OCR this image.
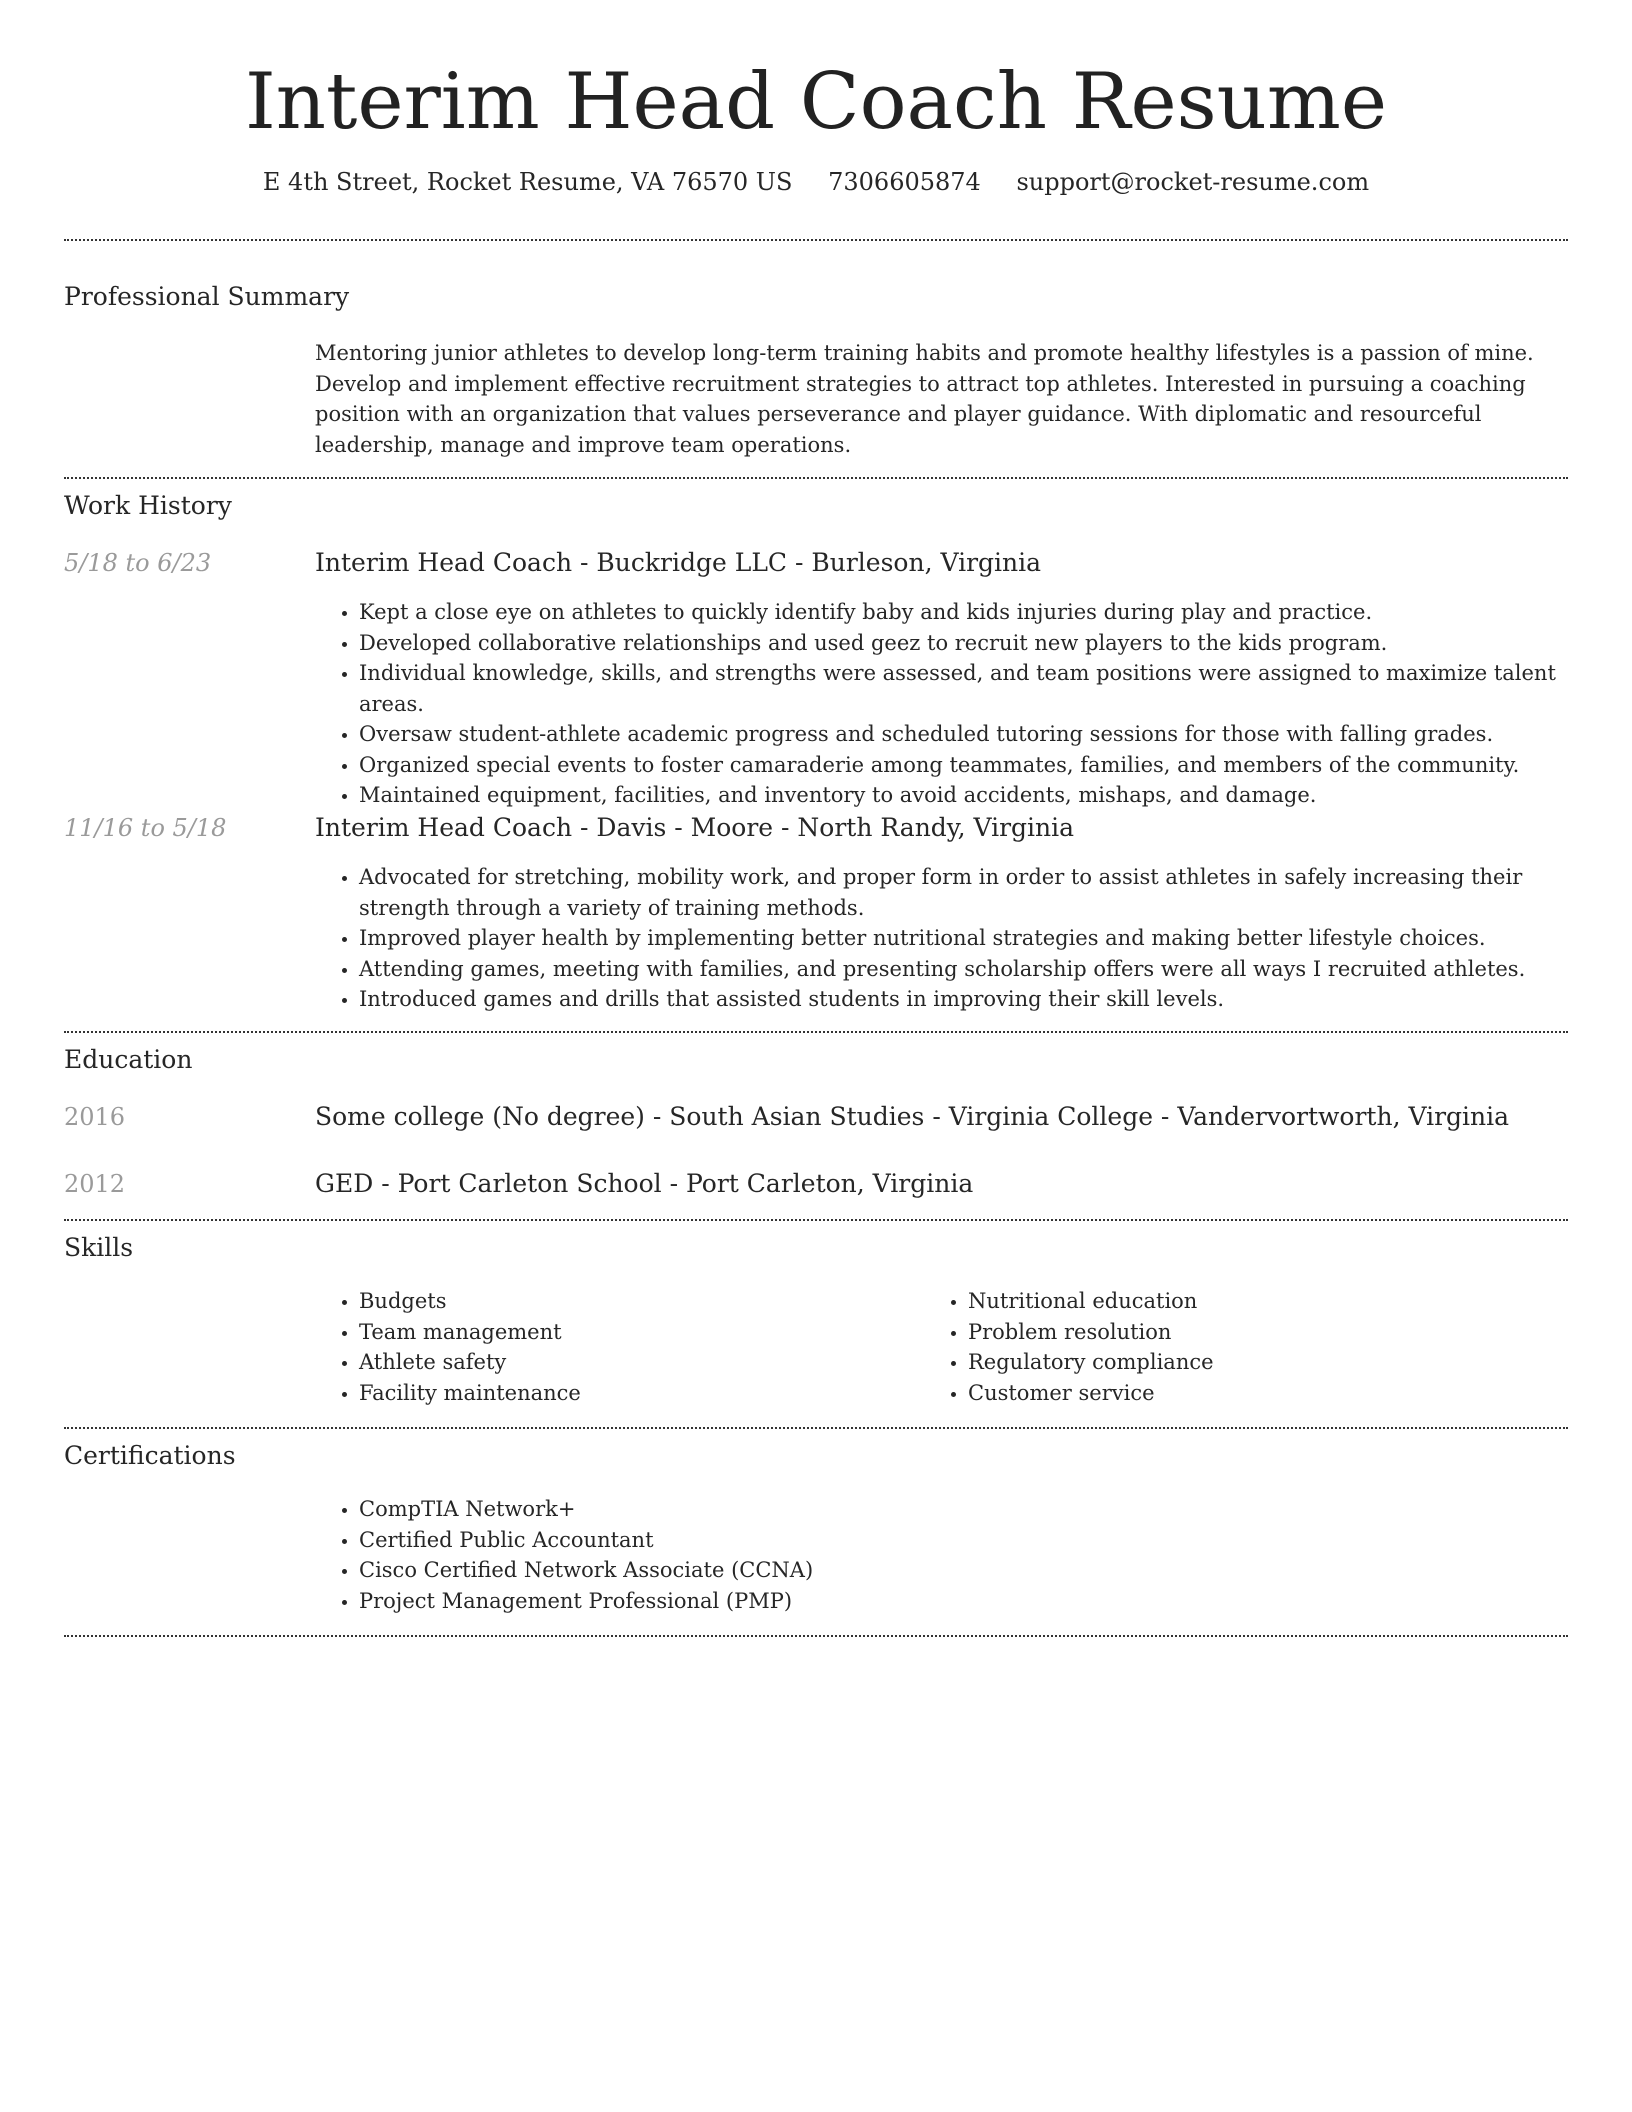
Interim Head Coach Resume
E 4th Street, Rocket Resume, VA 76570 US 7306605874 support@rocket-resume.com
Professional Summary

Mentoring junior athletes to develop long-term training habits and promote healthy lifestyles is a passion of mine. Develop and implement effective recruitment strategies to attract top athletes. Interested in pursuing a coaching position with an organization that values perseverance and player guidance. With diplomatic and resourceful leadership, manage and improve team operations.

Work History
5/18 to 6/23	Interim Head Coach - Buckridge LLC - Burleson, Virginia
• Kept a close eye on athletes to quickly identify baby and kids injuries during play and practice.
• Developed collaborative relationships and used geez to recruit new players to the kids program.
• Individual knowledge, skills, and strengths were assessed, and team positions were assigned to maximize talent areas.
• Oversaw student-athlete academic progress and scheduled tutoring sessions for those with falling grades.
• Organized special events to foster camaraderie among teammates, families, and members of the community.
• Maintained equipment, facilities, and inventory to avoid accidents, mishaps, and damage.
11/16 to 5/18	Interim Head Coach - Davis - Moore - North Randy, Virginia
• Advocated for stretching, mobility work, and proper form in order to assist athletes in safely increasing their strength through a variety of training methods.
• Improved player health by implementing better nutritional strategies and making better lifestyle choices.
• Attending games, meeting with families, and presenting scholarship offers were all ways I recruited athletes.
• Introduced games and drills that assisted students in improving their skill levels.
Education
2016	Some college (No degree) - South Asian Studies - Virginia College - Vandervortworth, Virginia
2012	GED - Port Carleton School - Port Carleton, Virginia
Skills
• Budgets
• Team management
• Athlete safety
• Facility maintenance
• Nutritional education
• Problem resolution
• Regulatory compliance
• Customer service
Certifications
• CompTIA Network+
• Certified Public Accountant
• Cisco Certified Network Associate (CCNA)
• Project Management Professional (PMP)
